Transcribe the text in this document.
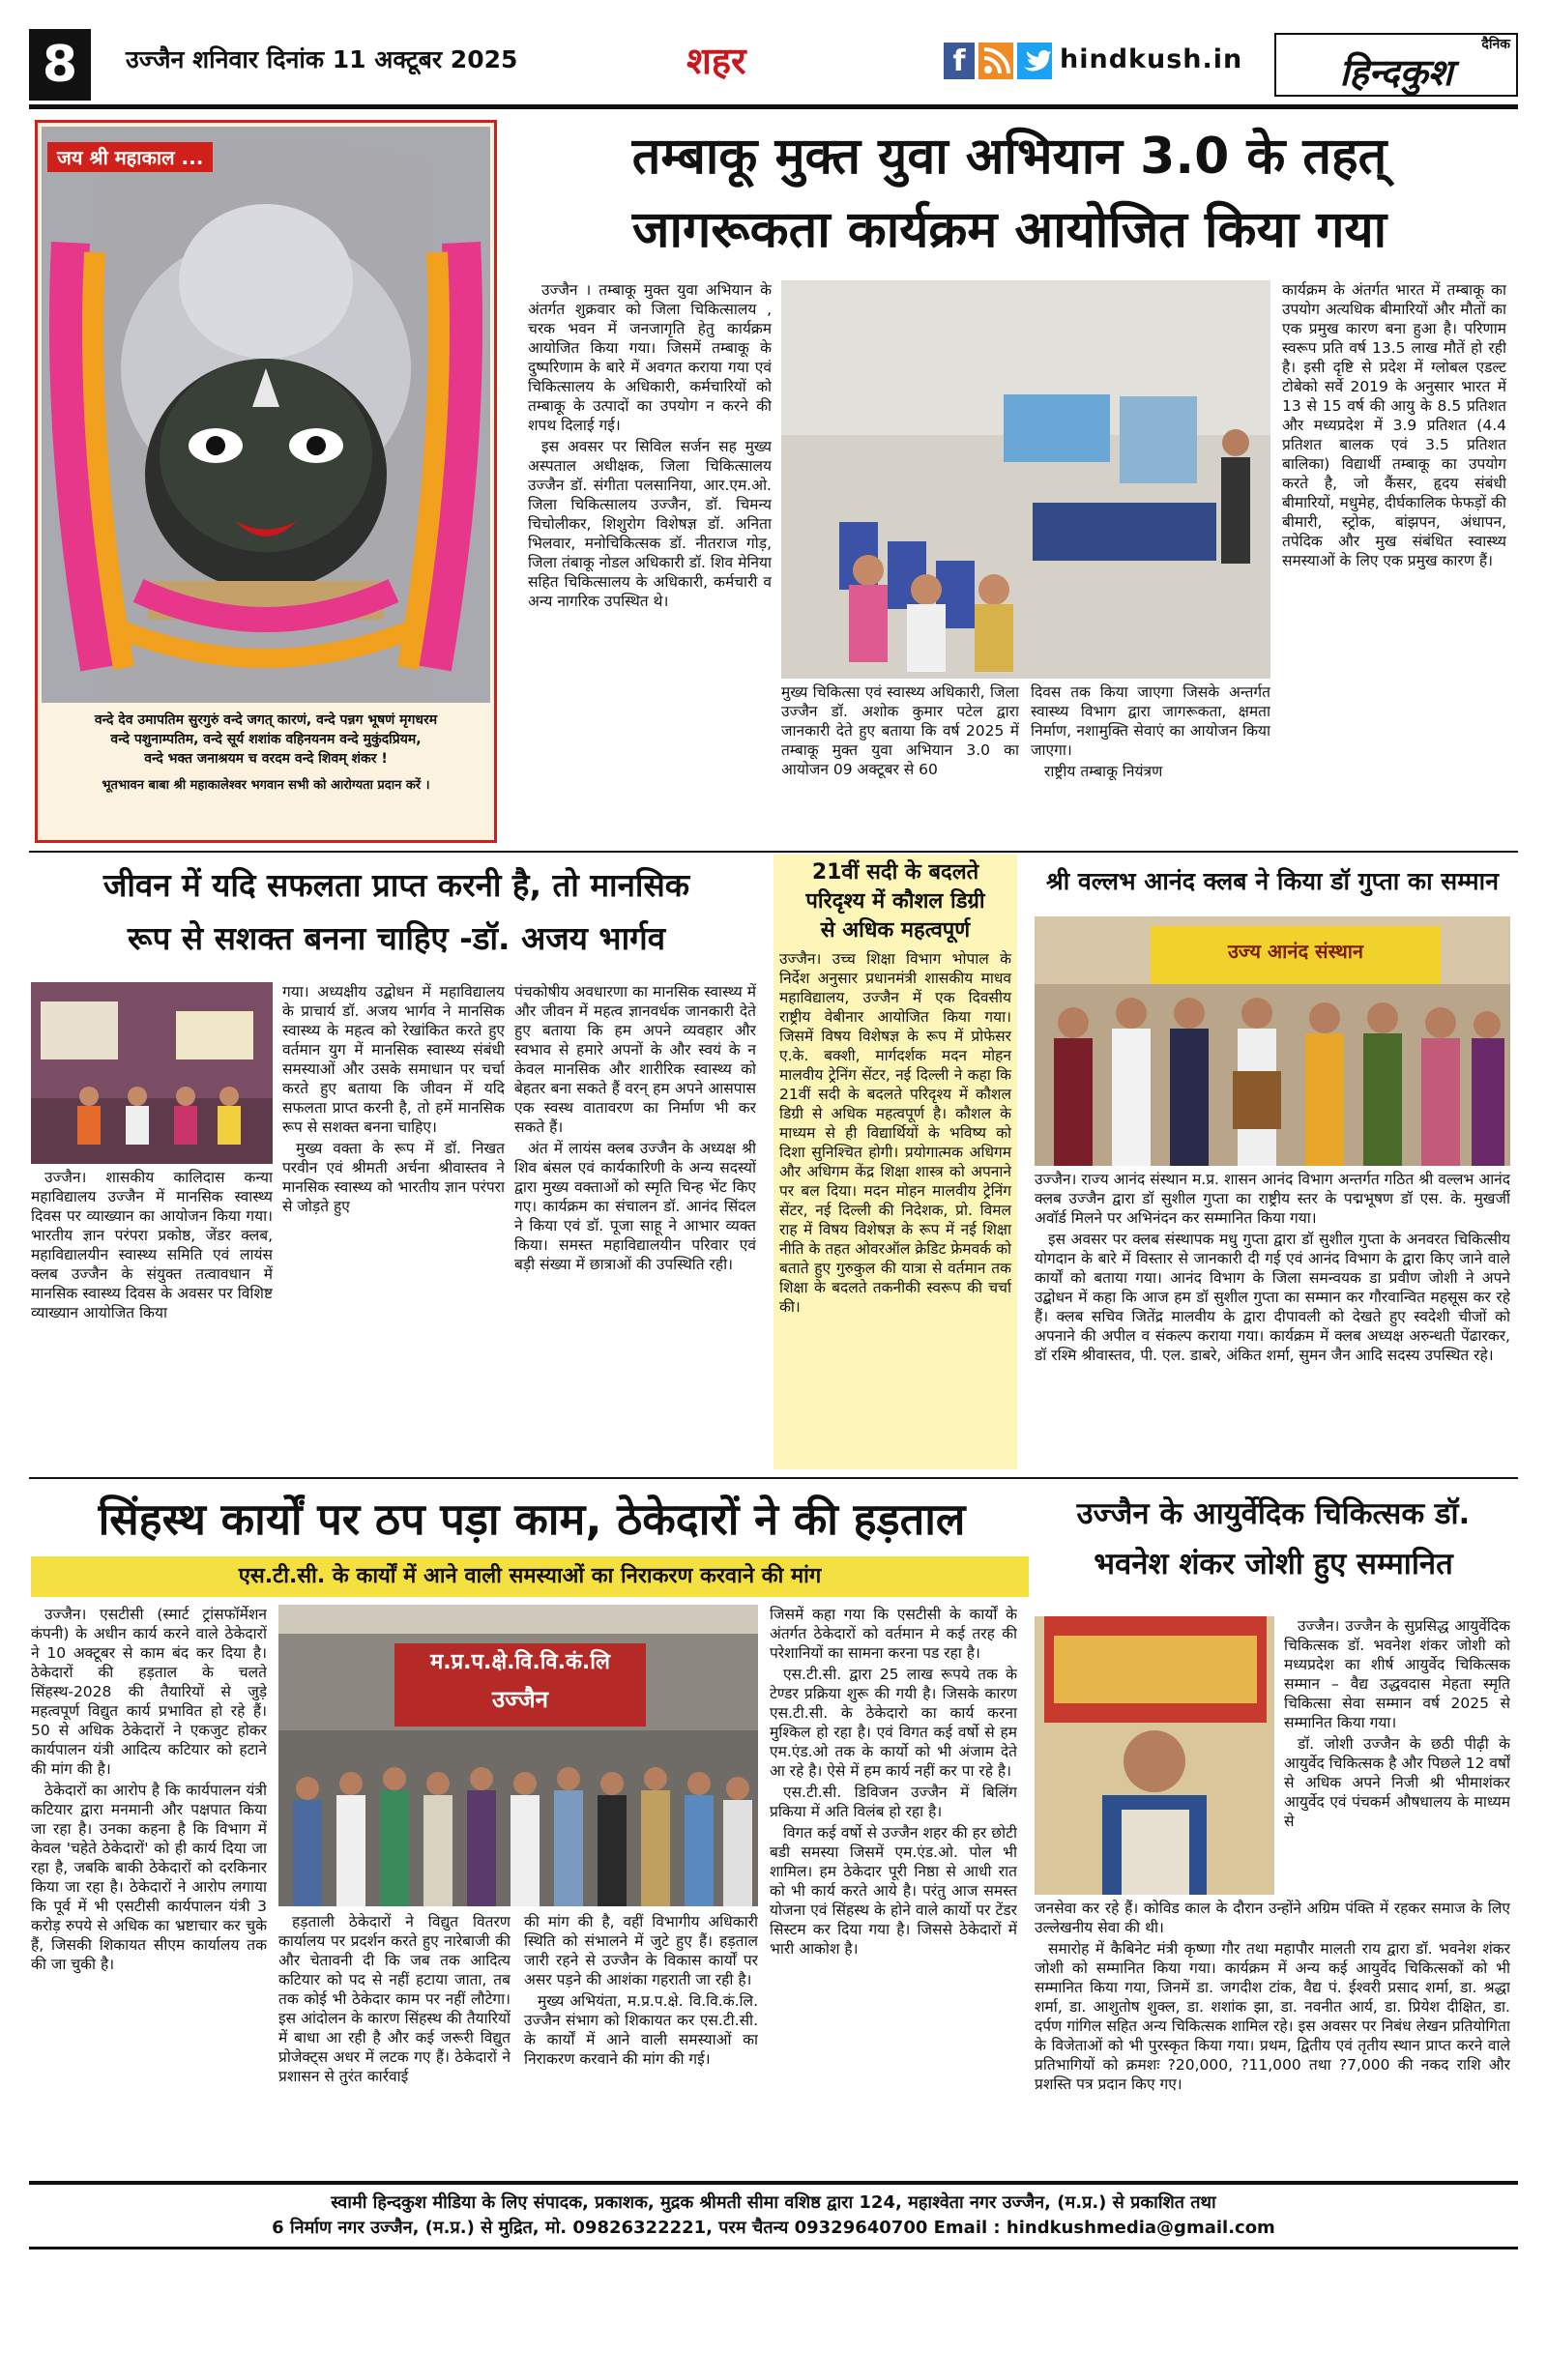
8	उज्जैन शनिवार दिनांक 11 अक्टूबर 2025	शहर	f	hindkush.in	दैनिक
हिन्दकुश
जय श्री महाकाल ...
वन्दे देव उमापतिम सुरगुरुं वन्दे जगत् कारणं, वन्दे पन्नग भूषणं मृगधरम
वन्दे पशुनाम्पतिम, वन्दे सूर्य शशांक वहिनयनम वन्दे मुकुंदप्रियम,
वन्दे भक्त जनाश्रयम च वरदम वन्दे शिवम् शंकर !
भूतभावन बाबा श्री महाकालेश्वर भगवान सभी को आरोग्यता प्रदान करें ।
तम्बाकू मुक्त युवा अभियान 3.0 के तहत्
जागरूकता कार्यक्रम आयोजित किया गया

उज्जैन । तम्बाकू मुक्त युवा अभियान के अंतर्गत शुक्रवार को जिला चिकित्सालय , चरक भवन में जनजागृति हेतु कार्यक्रम आयोजित किया गया। जिसमें तम्बाकू के दुष्परिणाम के बारे में अवगत कराया गया एवं चिकित्सालय के अधिकारी, कर्मचारियों को तम्बाकू के उत्पादों का उपयोग न करने की शपथ दिलाई गई।

इस अवसर पर सिविल सर्जन सह मुख्य अस्पताल अधीक्षक, जिला चिकित्सालय उज्जैन डॉ. संगीता पलसानिया, आर.एम.ओ. जिला चिकित्सालय उज्जैन, डॉ. चिमन्य चिचोलीकर, शिशुरोग विशेषज्ञ डॉ. अनिता भिलवार, मनोचिकित्सक डॉ. नीतराज गोड़, जिला तंबाकू नोडल अधिकारी डॉ. शिव मेनिया सहित चिकित्सालय के अधिकारी, कर्मचारी व अन्य नागरिक उपस्थित थे।

मुख्य चिकित्सा एवं स्वास्थ्य अधिकारी, जिला उज्जैन डॉ. अशोक कुमार पटेल द्वारा जानकारी देते हुए बताया कि वर्ष 2025 में तम्बाकू मुक्त युवा अभियान 3.0 का आयोजन 09 अक्टूबर से 60

दिवस तक किया जाएगा जिसके अन्तर्गत स्वास्थ्य विभाग द्वारा जागरूकता, क्षमता निर्माण, नशामुक्ति सेवाएं का आयोजन किया जाएगा।

राष्ट्रीय तम्बाकू नियंत्रण

कार्यक्रम के अंतर्गत भारत में तम्बाकू का उपयोग अत्यधिक बीमारियों और मौतों का एक प्रमुख कारण बना हुआ है। परिणाम स्वरूप प्रति वर्ष 13.5 लाख मौतें हो रही है। इसी दृष्टि से प्रदेश में ग्लोबल एडल्ट टोबेको सर्वे 2019 के अनुसार भारत में 13 से 15 वर्ष की आयु के 8.5 प्रतिशत और मध्यप्रदेश में 3.9 प्रतिशत (4.4 प्रतिशत बालक एवं 3.5 प्रतिशत बालिका) विद्यार्थी तम्बाकू का उपयोग करते है, जो कैंसर, हृदय संबंधी बीमारियों, मधुमेह, दीर्घकालिक फेफड़ों की बीमारी, स्ट्रोक, बांझपन, अंधापन, तपेदिक और मुख संबंधित स्वास्थ्य समस्याओं के लिए एक प्रमुख कारण हैं।

जीवन में यदि सफलता प्राप्त करनी है, तो मानसिक
रूप से सशक्त बनना चाहिए -डॉ. अजय भार्गव

उज्जैन। शासकीय कालिदास कन्या महाविद्यालय उज्जैन में मानसिक स्वास्थ्य दिवस पर व्याख्यान का आयोजन किया गया। भारतीय ज्ञान परंपरा प्रकोष्ठ, जेंडर क्लब, महाविद्यालयीन स्वास्थ्य समिति एवं लायंस क्लब उज्जैन के संयुक्त तत्वावधान में मानसिक स्वास्थ्य दिवस के अवसर पर विशिष्ट व्याख्यान आयोजित किया

गया। अध्यक्षीय उद्बोधन में महाविद्यालय के प्राचार्य डॉ. अजय भार्गव ने मानसिक स्वास्थ्य के महत्व को रेखांकित करते हुए वर्तमान युग में मानसिक स्वास्थ्य संबंधी समस्याओं और उसके समाधान पर चर्चा करते हुए बताया कि जीवन में यदि सफलता प्राप्त करनी है, तो हमें मानसिक रूप से सशक्त बनना चाहिए।

मुख्य वक्ता के रूप में डॉ. निखत परवीन एवं श्रीमती अर्चना श्रीवास्तव ने मानसिक स्वास्थ्य को भारतीय ज्ञान परंपरा से जोड़ते हुए

पंचकोषीय अवधारणा का मानसिक स्वास्थ्य में और जीवन में महत्व ज्ञानवर्धक जानकारी देते हुए बताया कि हम अपने व्यवहार और स्वभाव से हमारे अपनों के और स्वयं के न केवल मानसिक और शारीरिक स्वास्थ्य को बेहतर बना सकते हैं वरन् हम अपने आसपास एक स्वस्थ वातावरण का निर्माण भी कर सकते हैं।

अंत में लायंस क्लब उज्जैन के अध्यक्ष श्री शिव बंसल एवं कार्यकारिणी के अन्य सदस्यों द्वारा मुख्य वक्ताओं को स्मृति चिन्ह भेंट किए गए। कार्यक्रम का संचालन डॉ. आनंद सिंदल ने किया एवं डॉ. पूजा साहू ने आभार व्यक्त किया। समस्त महाविद्यालयीन परिवार एवं बड़ी संख्या में छात्राओं की उपस्थिति रही।

21वीं सदी के बदलते
परिदृश्य में कौशल डिग्री
से अधिक महत्वपूर्ण

उज्जैन। उच्च शिक्षा विभाग भोपाल के निर्देश अनुसार प्रधानमंत्री शासकीय माधव महाविद्यालय, उज्जैन में एक दिवसीय राष्ट्रीय वेबीनार आयोजित किया गया। जिसमें विषय विशेषज्ञ के रूप में प्रोफेसर ए.के. बक्शी, मार्गदर्शक मदन मोहन मालवीय ट्रेनिंग सेंटर, नई दिल्ली ने कहा कि 21वीं सदी के बदलते परिदृश्य में कौशल डिग्री से अधिक महत्वपूर्ण है। कौशल के माध्यम से ही विद्यार्थियों के भविष्य को दिशा सुनिश्चित होगी। प्रयोगात्मक अधिगम और अधिगम केंद्र शिक्षा शास्त्र को अपनाने पर बल दिया। मदन मोहन मालवीय ट्रेनिंग सेंटर, नई दिल्ली की निदेशक, प्रो. विमल राह में विषय विशेषज्ञ के रूप में नई शिक्षा नीति के तहत ओवरऑल क्रेडिट फ्रेमवर्क को बताते हुए गुरुकुल की यात्रा से वर्तमान तक शिक्षा के बदलते तकनीकी स्वरूप की चर्चा की।

श्री वल्लभ आनंद क्लब ने किया डॉ गुप्ता का सम्मान
उज्य आनंद संस्थान

उज्जैन। राज्य आनंद संस्थान म.प्र. शासन आनंद विभाग अन्तर्गत गठित श्री वल्लभ आनंद क्लब उज्जैन द्वारा डॉ सुशील गुप्ता का राष्ट्रीय स्तर के पद्मभूषण डॉ एस. के. मुखर्जी अवॉर्ड मिलने पर अभिनंदन कर सम्मानित किया गया।

इस अवसर पर क्लब संस्थापक मधु गुप्ता द्वारा डॉ सुशील गुप्ता के अनवरत चिकित्सीय योगदान के बारे में विस्तार से जानकारी दी गई एवं आनंद विभाग के द्वारा किए जाने वाले कार्यों को बताया गया। आनंद विभाग के जिला समन्वयक डा प्रवीण जोशी ने अपने उद्बोधन में कहा कि आज हम डॉ सुशील गुप्ता का सम्मान कर गौरवान्वित महसूस कर रहे हैं। क्लब सचिव जितेंद्र मालवीय के द्वारा दीपावली को देखते हुए स्वदेशी चीजों को अपनाने की अपील व संकल्प कराया गया। कार्यक्रम में क्लब अध्यक्ष अरुन्धती पेंढारकर, डॉ रश्मि श्रीवास्तव, पी. एल. डाबरे, अंकित शर्मा, सुमन जैन आदि सदस्य उपस्थित रहे।

सिंहस्थ कार्यों पर ठप पड़ा काम, ठेकेदारों ने की हड़ताल
एस.टी.सी. के कार्यों में आने वाली समस्याओं का निराकरण करवाने की मांग

उज्जैन। एसटीसी (स्मार्ट ट्रांसफॉर्मेशन कंपनी) के अधीन कार्य करने वाले ठेकेदारों ने 10 अक्टूबर से काम बंद कर दिया है। ठेकेदारों की हड़ताल के चलते सिंहस्थ-2028 की तैयारियों से जुड़े महत्वपूर्ण विद्युत कार्य प्रभावित हो रहे हैं। 50 से अधिक ठेकेदारों ने एकजुट होकर कार्यपालन यंत्री आदित्य कटियार को हटाने की मांग की है।

ठेकेदारों का आरोप है कि कार्यपालन यंत्री कटियार द्वारा मनमानी और पक्षपात किया जा रहा है। उनका कहना है कि विभाग में केवल 'चहेते ठेकेदारों' को ही कार्य दिया जा रहा है, जबकि बाकी ठेकेदारों को दरकिनार किया जा रहा है। ठेकेदारों ने आरोप लगाया कि पूर्व में भी एसटीसी कार्यपालन यंत्री 3 करोड़ रुपये से अधिक का भ्रष्टाचार कर चुके हैं, जिसकी शिकायत सीएम कार्यालय तक की जा चुकी है।

म.प्र.प.क्षे.वि.वि.कं.लि
उज्जैन

हड़ताली ठेकेदारों ने विद्युत वितरण कार्यालय पर प्रदर्शन करते हुए नारेबाजी की और चेतावनी दी कि जब तक आदित्य कटियार को पद से नहीं हटाया जाता, तब तक कोई भी ठेकेदार काम पर नहीं लौटेगा। इस आंदोलन के कारण सिंहस्थ की तैयारियों में बाधा आ रही है और कई जरूरी विद्युत प्रोजेक्ट्स अधर में लटक गए हैं। ठेकेदारों ने प्रशासन से तुरंत कार्रवाई

की मांग की है, वहीं विभागीय अधिकारी स्थिति को संभालने में जुटे हुए हैं। हड़ताल जारी रहने से उज्जैन के विकास कार्यों पर असर पड़ने की आशंका गहराती जा रही है।

मुख्य अभियंता, म.प्र.प.क्षे. वि.वि.कं.लि. उज्जैन संभाग को शिकायत कर एस.टी.सी. के कार्यों में आने वाली समस्याओं का निराकरण करवाने की मांग की गई।

जिसमें कहा गया कि एसटीसी के कार्यों के अंतर्गत ठेकेदारों को वर्तमान मे कई तरह की परेशानियों का सामना करना पड रहा है।

एस.टी.सी. द्वारा 25 लाख रूपये तक के टेण्डर प्रक्रिया शुरू की गयी है। जिसके कारण एस.टी.सी. के ठेकेदारो का कार्य करना मुश्किल हो रहा है। एवं विगत कई वर्षो से हम एम.एंड.ओ तक के कार्यो को भी अंजाम देते आ रहे है। ऐसे में हम कार्य नहीं कर पा रहे है।

एस.टी.सी. डिविजन उज्जैन में बिलिंग प्रकिया में अति विलंब हो रहा है।

विगत कई वर्षो से उज्जैन शहर की हर छोटी बडी समस्या जिसमें एम.एंड.ओ. पोल भी शामिल। हम ठेकेदार पूरी निष्ठा से आधी रात को भी कार्य करते आये है। परंतु आज समस्त योजना एवं सिंहस्थ के होने वाले कार्यो पर टेंडर सिस्टम कर दिया गया है। जिससे ठेकेदारों में भारी आकोश है।

उज्जैन के आयुर्वेदिक चिकित्सक डॉ.
भवनेश शंकर जोशी हुए सम्मानित

उज्जैन। उज्जैन के सुप्रसिद्ध आयुर्वेदिक चिकित्सक डॉ. भवनेश शंकर जोशी को मध्यप्रदेश का शीर्ष आयुर्वेद चिकित्सक सम्मान – वैद्य उद्धवदास मेहता स्मृति चिकित्सा सेवा सम्मान वर्ष 2025 से सम्मानित किया गया।

डॉ. जोशी उज्जैन के छठी पीढ़ी के आयुर्वेद चिकित्सक है और पिछले 12 वर्षों से अधिक अपने निजी श्री भीमाशंकर आयुर्वेद एवं पंचकर्म औषधालय के माध्यम से

जनसेवा कर रहे हैं। कोविड काल के दौरान उन्होंने अग्रिम पंक्ति में रहकर समाज के लिए उल्लेखनीय सेवा की थी।

समारोह में कैबिनेट मंत्री कृष्णा गौर तथा महापौर मालती राय द्वारा डॉ. भवनेश शंकर जोशी को सम्मानित किया गया। कार्यक्रम में अन्य कई आयुर्वेद चिकित्सकों को भी सम्मानित किया गया, जिनमें डा. जगदीश टांक, वैद्य पं. ईश्वरी प्रसाद शर्मा, डा. श्रद्धा शर्मा, डा. आशुतोष शुक्ल, डा. शशांक झा, डा. नवनीत आर्य, डा. प्रियेश दीक्षित, डा. दर्पण गांगिल सहित अन्य चिकित्सक शामिल रहे। इस अवसर पर निबंध लेखन प्रतियोगिता के विजेताओं को भी पुरस्कृत किया गया। प्रथम, द्वितीय एवं तृतीय स्थान प्राप्त करने वाले प्रतिभागियों को क्रमशः ?20,000, ?11,000 तथा ?7,000 की नकद राशि और प्रशस्ति पत्र प्रदान किए गए।

स्वामी हिन्दकुश मीडिया के लिए संपादक, प्रकाशक, मुद्रक श्रीमती सीमा वशिष्ठ द्वारा 124, महाश्वेता नगर उज्जैन, (म.प्र.) से प्रकाशित तथा
6 निर्माण नगर उज्जैन, (म.प्र.) से मुद्रित, मो. 09826322221, परम चैतन्य 09329640700 Email : hindkushmedia@gmail.com
